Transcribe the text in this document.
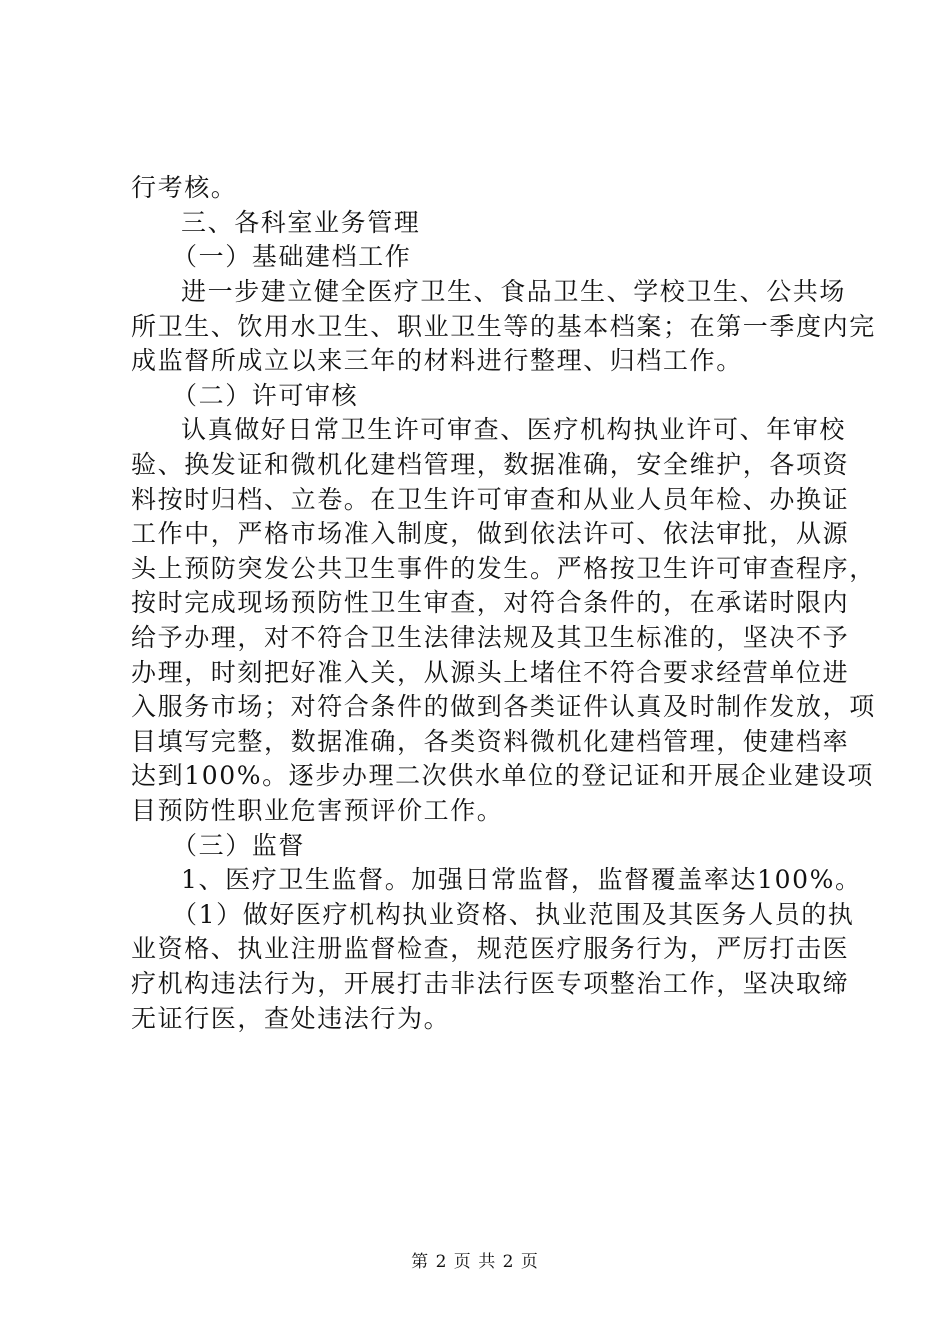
行考核。
三、各科室业务管理
（一）基础建档工作
进一步建立健全医疗卫生、食品卫生、学校卫生、公共场
所卫生、饮用水卫生、职业卫生等的基本档案；在第一季度内完
成监督所成立以来三年的材料进行整理、归档工作。
（二）许可审核
认真做好日常卫生许可审查、医疗机构执业许可、年审校
验、换发证和微机化建档管理，数据准确，安全维护，各项资
料按时归档、立卷。在卫生许可审查和从业人员年检、办换证
工作中，严格市场准入制度，做到依法许可、依法审批，从源
头上预防突发公共卫生事件的发生。严格按卫生许可审查程序，
按时完成现场预防性卫生审查，对符合条件的，在承诺时限内
给予办理，对不符合卫生法律法规及其卫生标准的，坚决不予
办理，时刻把好准入关，从源头上堵住不符合要求经营单位进
入服务市场；对符合条件的做到各类证件认真及时制作发放，项
目填写完整，数据准确，各类资料微机化建档管理，使建档率
达到100%。逐步办理二次供水单位的登记证和开展企业建设项
目预防性职业危害预评价工作。
（三）监督
1、医疗卫生监督。加强日常监督，监督覆盖率达100%。
（1）做好医疗机构执业资格、执业范围及其医务人员的执
业资格、执业注册监督检查，规范医疗服务行为，严厉打击医
疗机构违法行为，开展打击非法行医专项整治工作，坚决取缔
无证行医，查处违法行为。
第 2 页 共 2 页
